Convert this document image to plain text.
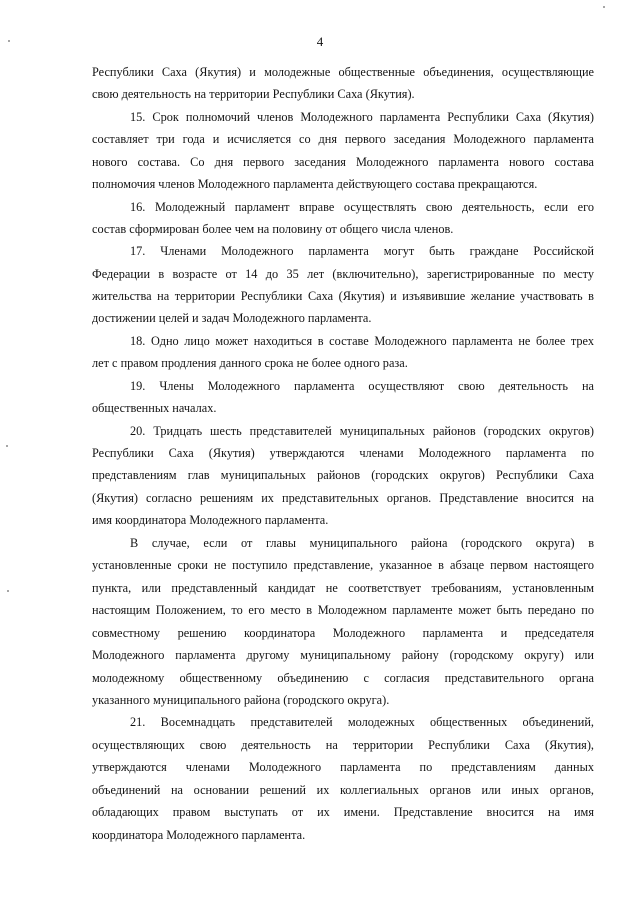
4
Республики Саха (Якутия) и молодежные общественные объединения, осуществляющие
свою деятельность на территории Республики Саха (Якутия).
15. Срок полномочий членов Молодежного парламента Республики Саха (Якутия)
составляет три года и исчисляется со дня первого заседания Молодежного парламента
нового состава. Со дня первого заседания Молодежного парламента нового состава
полномочия членов Молодежного парламента действующего состава прекращаются.
16. Молодежный парламент вправе осуществлять свою деятельность, если его
состав сформирован более чем на половину от общего числа членов.
17. Членами Молодежного парламента могут быть граждане Российской
Федерации в возрасте от 14 до 35 лет (включительно), зарегистрированные по месту
жительства на территории Республики Саха (Якутия) и изъявившие желание участвовать в
достижении целей и задач Молодежного парламента.
18. Одно лицо может находиться в составе Молодежного парламента не более трех
лет с правом продления данного срока не более одного раза.
19. Члены Молодежного парламента осуществляют свою деятельность на
общественных началах.
20. Тридцать шесть представителей муниципальных районов (городских округов)
Республики Саха (Якутия) утверждаются членами Молодежного парламента по
представлениям глав муниципальных районов (городских округов) Республики Саха
(Якутия) согласно решениям их представительных органов. Представление вносится на
имя координатора Молодежного парламента.
В случае, если от главы муниципального района (городского округа) в
установленные сроки не поступило представление, указанное в абзаце первом настоящего
пункта, или представленный кандидат не соответствует требованиям, установленным
настоящим Положением, то его место в Молодежном парламенте может быть передано по
совместному решению координатора Молодежного парламента и председателя
Молодежного парламента другому муниципальному району (городскому округу) или
молодежному общественному объединению с согласия представительного органа
указанного муниципального района (городского округа).
21. Восемнадцать представителей молодежных общественных объединений,
осуществляющих свою деятельность на территории Республики Саха (Якутия),
утверждаются членами Молодежного парламента по представлениям данных
объединений на основании решений их коллегиальных органов или иных органов,
обладающих правом выступать от их имени. Представление вносится на имя
координатора Молодежного парламента.
